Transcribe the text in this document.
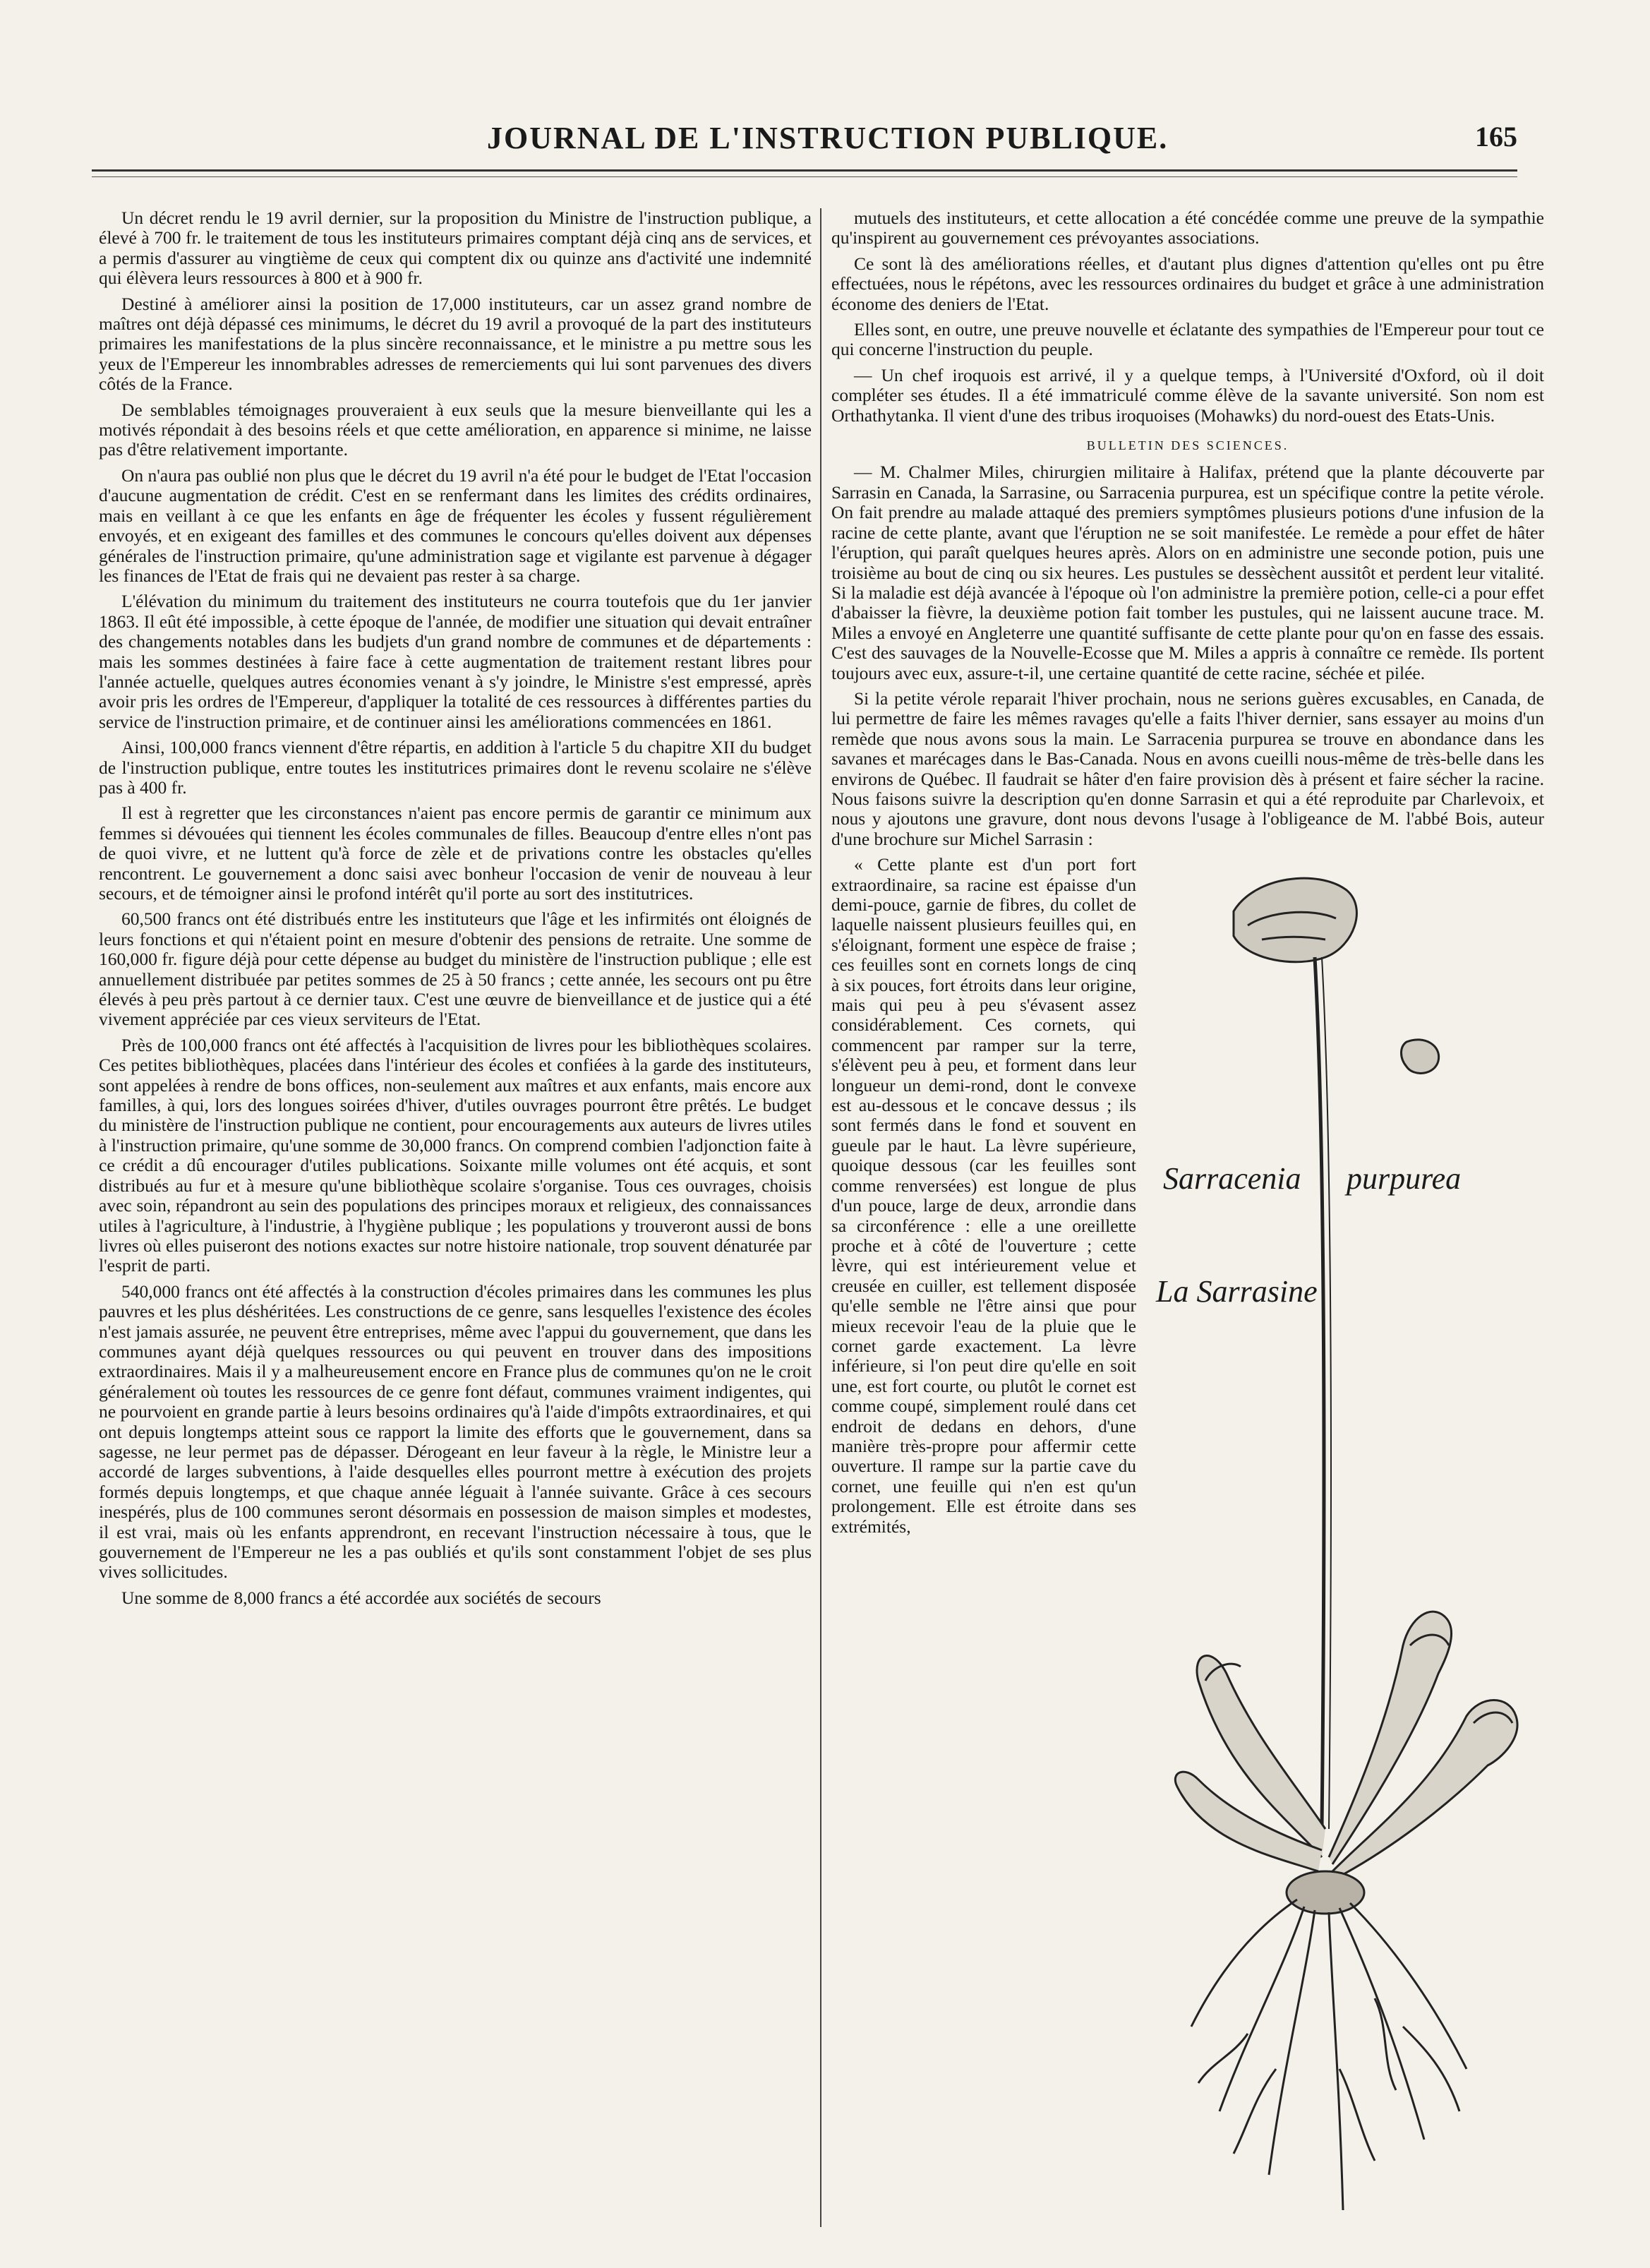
JOURNAL DE L'INSTRUCTION PUBLIQUE.	165

Un décret rendu le 19 avril dernier, sur la proposition du Ministre de l'instruction publique, a élevé à 700 fr. le traitement de tous les instituteurs primaires comptant déjà cinq ans de services, et a permis d'assurer au vingtième de ceux qui comptent dix ou quinze ans d'activité une indemnité qui élèvera leurs ressources à 800 et à 900 fr.

Destiné à améliorer ainsi la position de 17,000 instituteurs, car un assez grand nombre de maîtres ont déjà dépassé ces minimums, le décret du 19 avril a provoqué de la part des instituteurs primaires les manifestations de la plus sincère reconnaissance, et le ministre a pu mettre sous les yeux de l'Empereur les innombrables adresses de remerciements qui lui sont parvenues des divers côtés de la France.

De semblables témoignages prouveraient à eux seuls que la mesure bienveillante qui les a motivés répondait à des besoins réels et que cette amélioration, en apparence si minime, ne laisse pas d'être relativement importante.

On n'aura pas oublié non plus que le décret du 19 avril n'a été pour le budget de l'Etat l'occasion d'aucune augmentation de crédit. C'est en se renfermant dans les limites des crédits ordinaires, mais en veillant à ce que les enfants en âge de fréquenter les écoles y fussent régulièrement envoyés, et en exigeant des familles et des communes le concours qu'elles doivent aux dépenses générales de l'instruction primaire, qu'une administration sage et vigilante est parvenue à dégager les finances de l'Etat de frais qui ne devaient pas rester à sa charge.

L'élévation du minimum du traitement des instituteurs ne courra toutefois que du 1er janvier 1863. Il eût été impossible, à cette époque de l'année, de modifier une situation qui devait entraîner des changements notables dans les budjets d'un grand nombre de communes et de départements : mais les sommes destinées à faire face à cette augmentation de traitement restant libres pour l'année actuelle, quelques autres économies venant à s'y joindre, le Ministre s'est empressé, après avoir pris les ordres de l'Empereur, d'appliquer la totalité de ces ressources à différentes parties du service de l'instruction primaire, et de continuer ainsi les améliorations commencées en 1861.

Ainsi, 100,000 francs viennent d'être répartis, en addition à l'article 5 du chapitre XII du budget de l'instruction publique, entre toutes les institutrices primaires dont le revenu scolaire ne s'élève pas à 400 fr.

Il est à regretter que les circonstances n'aient pas encore permis de garantir ce minimum aux femmes si dévouées qui tiennent les écoles communales de filles. Beaucoup d'entre elles n'ont pas de quoi vivre, et ne luttent qu'à force de zèle et de privations contre les obstacles qu'elles rencontrent. Le gouvernement a donc saisi avec bonheur l'occasion de venir de nouveau à leur secours, et de témoigner ainsi le profond intérêt qu'il porte au sort des institutrices.

60,500 francs ont été distribués entre les instituteurs que l'âge et les infirmités ont éloignés de leurs fonctions et qui n'étaient point en mesure d'obtenir des pensions de retraite. Une somme de 160,000 fr. figure déjà pour cette dépense au budget du ministère de l'instruction publique ; elle est annuellement distribuée par petites sommes de 25 à 50 francs ; cette année, les secours ont pu être élevés à peu près partout à ce dernier taux. C'est une œuvre de bienveillance et de justice qui a été vivement appréciée par ces vieux serviteurs de l'Etat.

Près de 100,000 francs ont été affectés à l'acquisition de livres pour les bibliothèques scolaires. Ces petites bibliothèques, placées dans l'intérieur des écoles et confiées à la garde des instituteurs, sont appelées à rendre de bons offices, non-seulement aux maîtres et aux enfants, mais encore aux familles, à qui, lors des longues soirées d'hiver, d'utiles ouvrages pourront être prêtés. Le budget du ministère de l'instruction publique ne contient, pour encouragements aux auteurs de livres utiles à l'instruction primaire, qu'une somme de 30,000 francs. On comprend combien l'adjonction faite à ce crédit a dû encourager d'utiles publications. Soixante mille volumes ont été acquis, et sont distribués au fur et à mesure qu'une bibliothèque scolaire s'organise. Tous ces ouvrages, choisis avec soin, répandront au sein des populations des principes moraux et religieux, des connaissances utiles à l'agriculture, à l'industrie, à l'hygiène publique ; les populations y trouveront aussi de bons livres où elles puiseront des notions exactes sur notre histoire nationale, trop souvent dénaturée par l'esprit de parti.

540,000 francs ont été affectés à la construction d'écoles primaires dans les communes les plus pauvres et les plus déshéritées. Les constructions de ce genre, sans lesquelles l'existence des écoles n'est jamais assurée, ne peuvent être entreprises, même avec l'appui du gouvernement, que dans les communes ayant déjà quelques ressources ou qui peuvent en trouver dans des impositions extraordinaires. Mais il y a malheureusement encore en France plus de communes qu'on ne le croit généralement où toutes les ressources de ce genre font défaut, communes vraiment indigentes, qui ne pourvoient en grande partie à leurs besoins ordinaires qu'à l'aide d'impôts extraordinaires, et qui ont depuis longtemps atteint sous ce rapport la limite des efforts que le gouvernement, dans sa sagesse, ne leur permet pas de dépasser. Dérogeant en leur faveur à la règle, le Ministre leur a accordé de larges subventions, à l'aide desquelles elles pourront mettre à exécution des projets formés depuis longtemps, et que chaque année léguait à l'année suivante. Grâce à ces secours inespérés, plus de 100 communes seront désormais en possession de maison simples et modestes, il est vrai, mais où les enfants apprendront, en recevant l'instruction nécessaire à tous, que le gouvernement de l'Empereur ne les a pas oubliés et qu'ils sont constamment l'objet de ses plus vives sollicitudes.

Une somme de 8,000 francs a été accordée aux sociétés de secours

mutuels des instituteurs, et cette allocation a été concédée comme une preuve de la sympathie qu'inspirent au gouvernement ces prévoyantes associations.

Ce sont là des améliorations réelles, et d'autant plus dignes d'attention qu'elles ont pu être effectuées, nous le répétons, avec les ressources ordinaires du budget et grâce à une administration économe des deniers de l'Etat.

Elles sont, en outre, une preuve nouvelle et éclatante des sympathies de l'Empereur pour tout ce qui concerne l'instruction du peuple.

— Un chef iroquois est arrivé, il y a quelque temps, à l'Université d'Oxford, où il doit compléter ses études. Il a été immatriculé comme élève de la savante université. Son nom est Orthathytanka. Il vient d'une des tribus iroquoises (Mohawks) du nord-ouest des Etats-Unis.

BULLETIN DES SCIENCES.

— M. Chalmer Miles, chirurgien militaire à Halifax, prétend que la plante découverte par Sarrasin en Canada, la Sarrasine, ou Sarracenia purpurea, est un spécifique contre la petite vérole. On fait prendre au malade attaqué des premiers symptômes plusieurs potions d'une infusion de la racine de cette plante, avant que l'éruption ne se soit manifestée. Le remède a pour effet de hâter l'éruption, qui paraît quelques heures après. Alors on en administre une seconde potion, puis une troisième au bout de cinq ou six heures. Les pustules se dessèchent aussitôt et perdent leur vitalité. Si la maladie est déjà avancée à l'époque où l'on administre la première potion, celle-ci a pour effet d'abaisser la fièvre, la deuxième potion fait tomber les pustules, qui ne laissent aucune trace. M. Miles a envoyé en Angleterre une quantité suffisante de cette plante pour qu'on en fasse des essais. C'est des sauvages de la Nouvelle-Ecosse que M. Miles a appris à connaître ce remède. Ils portent toujours avec eux, assure-t-il, une certaine quantité de cette racine, séchée et pilée.

Si la petite vérole reparait l'hiver prochain, nous ne serions guères excusables, en Canada, de lui permettre de faire les mêmes ravages qu'elle a faits l'hiver dernier, sans essayer au moins d'un remède que nous avons sous la main. Le Sarracenia purpurea se trouve en abondance dans les savanes et marécages dans le Bas-Canada. Nous en avons cueilli nous-même de très-belle dans les environs de Québec. Il faudrait se hâter d'en faire provision dès à présent et faire sécher la racine. Nous faisons suivre la description qu'en donne Sarrasin et qui a été reproduite par Charlevoix, et nous y ajoutons une gravure, dont nous devons l'usage à l'obligeance de M. l'abbé Bois, auteur d'une brochure sur Michel Sarrasin :

« Cette plante est d'un port fort extraordinaire, sa racine est épaisse d'un demi-pouce, garnie de fibres, du collet de laquelle naissent plusieurs feuilles qui, en s'éloignant, forment une espèce de fraise ; ces feuilles sont en cornets longs de cinq à six pouces, fort étroits dans leur origine, mais qui peu à peu s'évasent assez considérablement. Ces cornets, qui commencent par ramper sur la terre, s'élèvent peu à peu, et forment dans leur longueur un demi-rond, dont le convexe est au-dessous et le concave dessus ; ils sont fermés dans le fond et souvent en gueule par le haut. La lèvre supérieure, quoique dessous (car les feuilles sont comme renversées) est longue de plus d'un pouce, large de deux, arrondie dans sa circonférence : elle a une oreillette proche et à côté de l'ouverture ; cette lèvre, qui est intérieurement velue et creusée en cuiller, est tellement disposée qu'elle semble ne l'être ainsi que pour mieux recevoir l'eau de la pluie que le cornet garde exactement. La lèvre inférieure, si l'on peut dire qu'elle en soit une, est fort courte, ou plutôt le cornet est comme coupé, simplement roulé dans cet endroit de dedans en dehors, d'une manière très-propre pour affermir cette ouverture. Il rampe sur la partie cave du cornet, une feuille qui n'en est qu'un prolongement. Elle est étroite dans ses extrémités,

Sarracenia purpurea
La Sarrasine
